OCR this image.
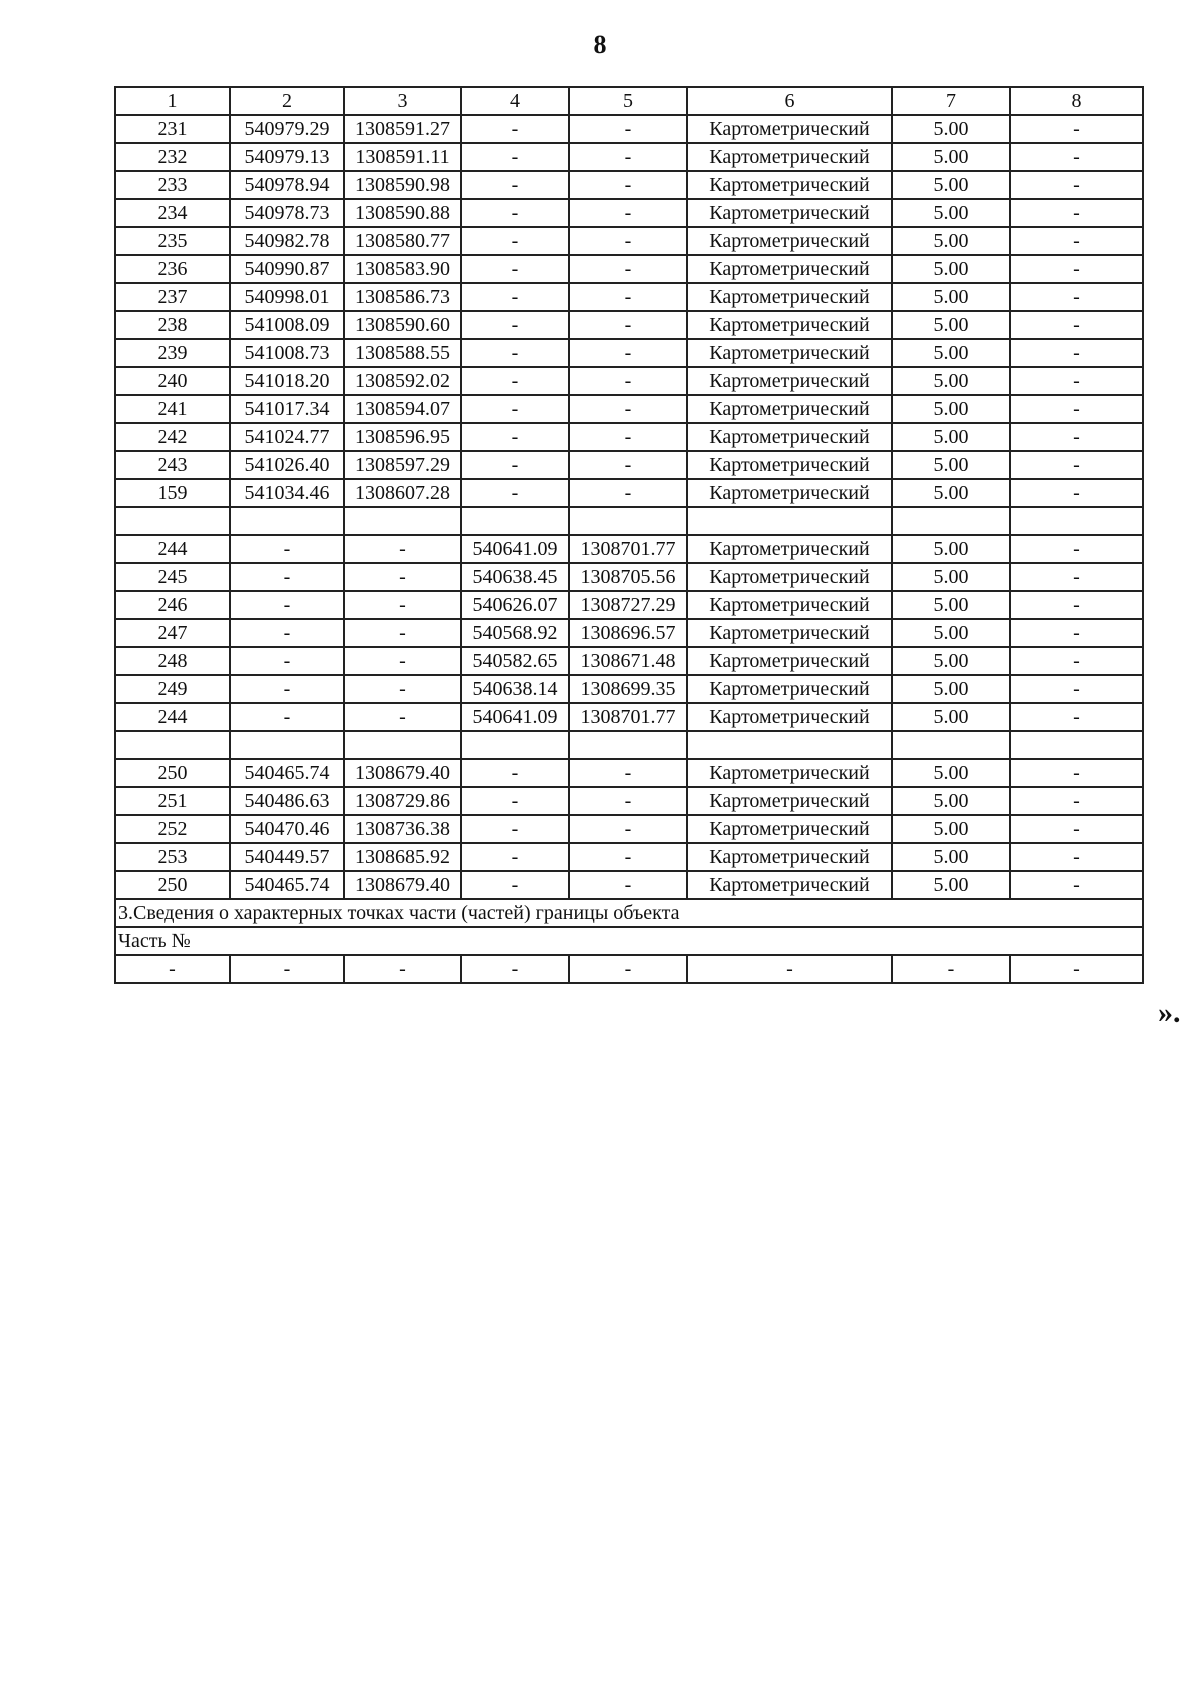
8
1	2	3	4	5	6	7	8
231	540979.29	1308591.27	-	-	Картометрический	5.00	-
232	540979.13	1308591.11	-	-	Картометрический	5.00	-
233	540978.94	1308590.98	-	-	Картометрический	5.00	-
234	540978.73	1308590.88	-	-	Картометрический	5.00	-
235	540982.78	1308580.77	-	-	Картометрический	5.00	-
236	540990.87	1308583.90	-	-	Картометрический	5.00	-
237	540998.01	1308586.73	-	-	Картометрический	5.00	-
238	541008.09	1308590.60	-	-	Картометрический	5.00	-
239	541008.73	1308588.55	-	-	Картометрический	5.00	-
240	541018.20	1308592.02	-	-	Картометрический	5.00	-
241	541017.34	1308594.07	-	-	Картометрический	5.00	-
242	541024.77	1308596.95	-	-	Картометрический	5.00	-
243	541026.40	1308597.29	-	-	Картометрический	5.00	-
159	541034.46	1308607.28	-	-	Картометрический	5.00	-

244	-	-	540641.09	1308701.77	Картометрический	5.00	-
245	-	-	540638.45	1308705.56	Картометрический	5.00	-
246	-	-	540626.07	1308727.29	Картометрический	5.00	-
247	-	-	540568.92	1308696.57	Картометрический	5.00	-
248	-	-	540582.65	1308671.48	Картометрический	5.00	-
249	-	-	540638.14	1308699.35	Картометрический	5.00	-
244	-	-	540641.09	1308701.77	Картометрический	5.00	-

250	540465.74	1308679.40	-	-	Картометрический	5.00	-
251	540486.63	1308729.86	-	-	Картометрический	5.00	-
252	540470.46	1308736.38	-	-	Картометрический	5.00	-
253	540449.57	1308685.92	-	-	Картометрический	5.00	-
250	540465.74	1308679.40	-	-	Картометрический	5.00	-
3.Сведения о характерных точках части (частей) границы объекта							
Часть №							
-	-	-	-	-	-	-	-
».
